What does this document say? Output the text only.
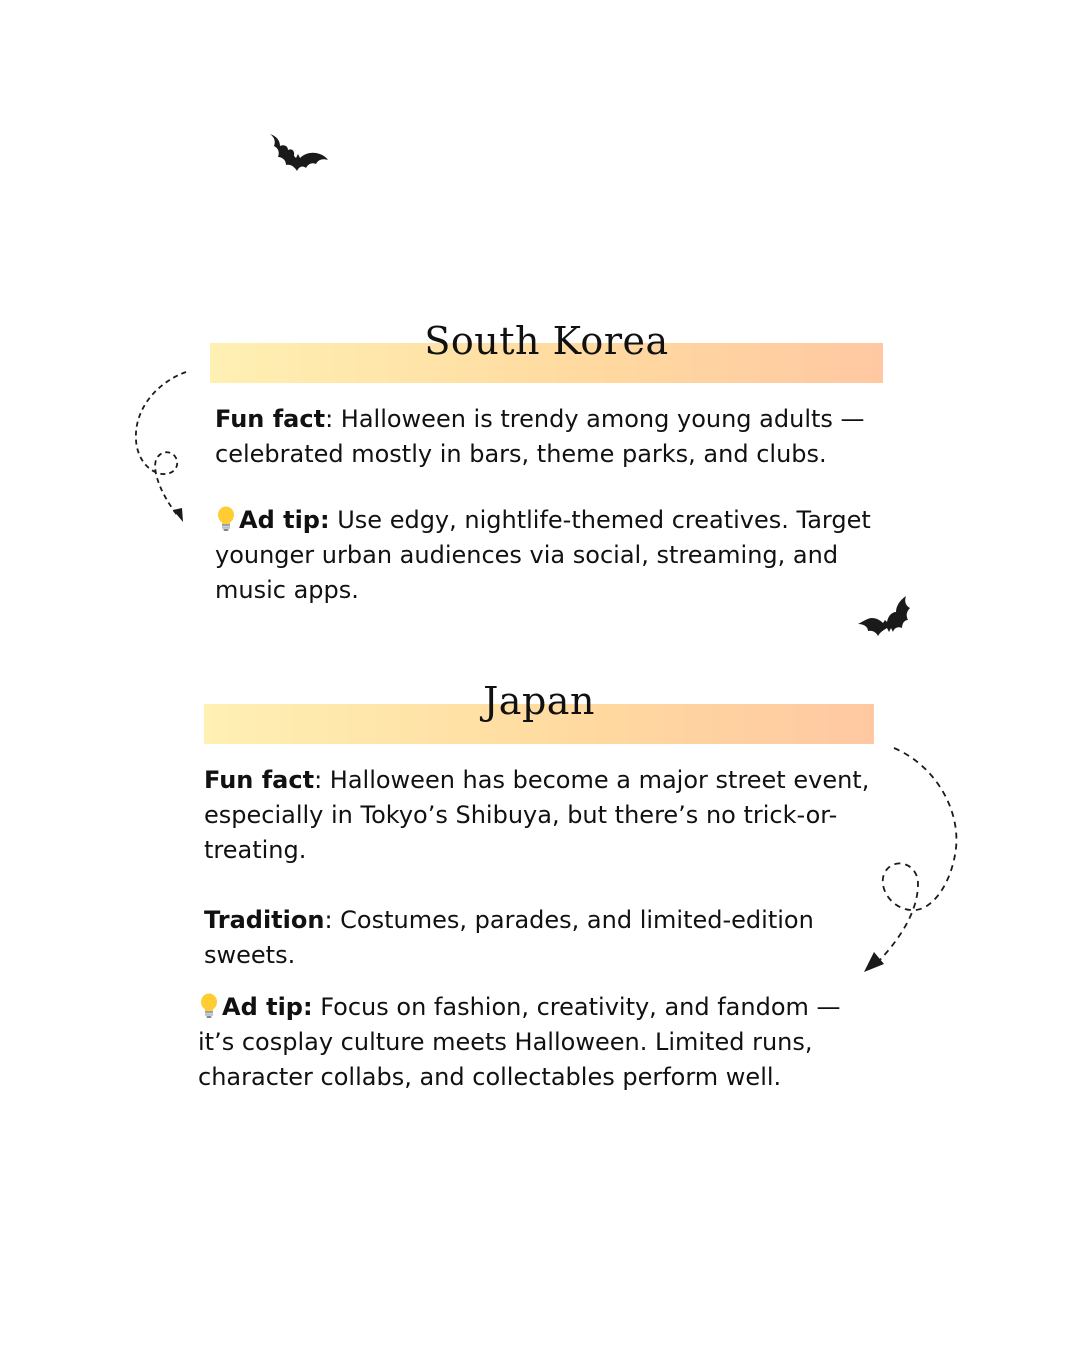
South Korea

Fun fact: Halloween is trendy among young adults — celebrated mostly in bars, theme parks, and clubs.

Ad tip: Use edgy, nightlife-themed creatives. Target younger urban audiences via social, streaming, and music apps.

Japan

Fun fact: Halloween has become a major street event, especially in Tokyo’s Shibuya, but there’s no trick-or-treating.

Tradition: Costumes, parades, and limited-edition sweets.

Ad tip: Focus on fashion, creativity, and fandom — it’s cosplay culture meets Halloween. Limited runs, character collabs, and collectables perform well.
